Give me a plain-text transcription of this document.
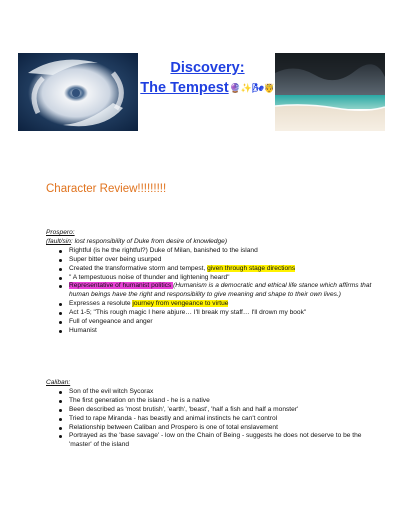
Discovery:
The Tempest🔮✨🌬🤴
Character Review!!!!!!!!!
Prospero:
(fault/sin: lost responsibility of Duke from desire of knowledge)
Rightful (is he the rightful?) Duke of Milan, banished to the island
Super bitter over being usurped
Created the transformative storm and tempest, given through stage directions
" A tempestuous noise of thunder and lightening heard"
Representative of humanist politics (Humanism is a democratic and ethical life stance which affirms that human beings have the right and responsibility to give meaning and shape to their own lives.)
Expresses a resolute journey from vengeance to virtue
Act 1-5; "This rough magic I here abjure… I'll break my staff… I'll drown my book"
Full of vengeance and anger
Humanist
Caliban:
Son of the evil witch Sycorax
The first generation on the island - he is a native
Been described as 'most brutish', 'earth', 'beast', 'half a fish and half a monster'
Tried to rape Miranda - has beastly and animal instincts he can't control
Relationship between Caliban and Prospero is one of total enslavement
Portrayed as the 'base savage' - low on the Chain of Being - suggests he does not deserve to be the 'master' of the island
